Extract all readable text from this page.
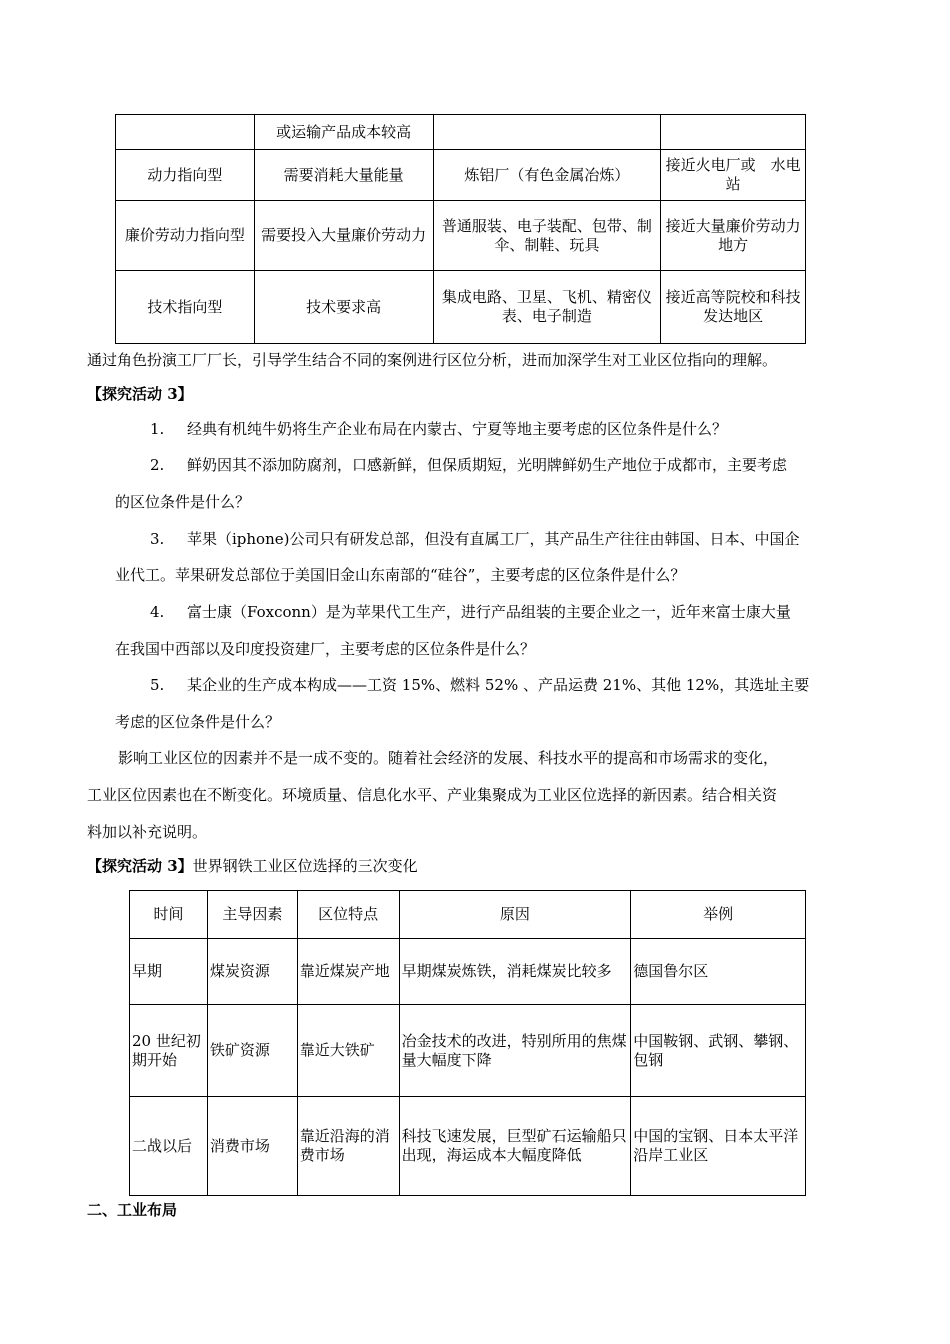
	或运输产品成本较高		
动力指向型	需要消耗大量能量	炼铝厂（有色金属冶炼）	接近火电厂或　水电站
廉价劳动力指向型	需要投入大量廉价劳动力	普通服装、电子装配、包带、制伞、制鞋、玩具	接近大量廉价劳动力地方
技术指向型	技术要求高	集成电路、卫星、飞机、精密仪表、电子制造	接近高等院校和科技发达地区
通过角色扮演工厂厂长，引导学生结合不同的案例进行区位分析，进而加深学生对工业区位指向的理解。
【探究活动 3】
1. 经典有机纯牛奶将生产企业布局在内蒙古、宁夏等地主要考虑的区位条件是什么？
2. 鲜奶因其不添加防腐剂，口感新鲜，但保质期短，光明牌鲜奶生产地位于成都市，主要考虑
的区位条件是什么？
3. 苹果（iphone)公司只有研发总部，但没有直属工厂，其产品生产往往由韩国、日本、中国企
业代工。苹果研发总部位于美国旧金山东南部的“硅谷”，主要考虑的区位条件是什么？
4. 富士康（Foxconn）是为苹果代工生产，进行产品组装的主要企业之一，近年来富士康大量
在我国中西部以及印度投资建厂，主要考虑的区位条件是什么？
5. 某企业的生产成本构成——工资 15%、燃料 52% 、产品运费 21%、其他 12%，其选址主要
考虑的区位条件是什么？
影响工业区位的因素并不是一成不变的。随着社会经济的发展、科技水平的提高和市场需求的变化，
工业区位因素也在不断变化。环境质量、信息化水平、产业集聚成为工业区位选择的新因素。结合相关资
料加以补充说明。
【探究活动 3】世界钢铁工业区位选择的三次变化
时间	主导因素	区位特点	原因	举例
早期	煤炭资源	靠近煤炭产地	早期煤炭炼铁，消耗煤炭比较多	德国鲁尔区
20 世纪初期开始	铁矿资源	靠近大铁矿	冶金技术的改进，特别所用的焦煤量大幅度下降	中国鞍钢、武钢、攀钢、包钢
二战以后	消费市场	靠近沿海的消费市场	科技飞速发展，巨型矿石运输船只出现，海运成本大幅度降低	中国的宝钢、日本太平洋沿岸工业区
二、工业布局
